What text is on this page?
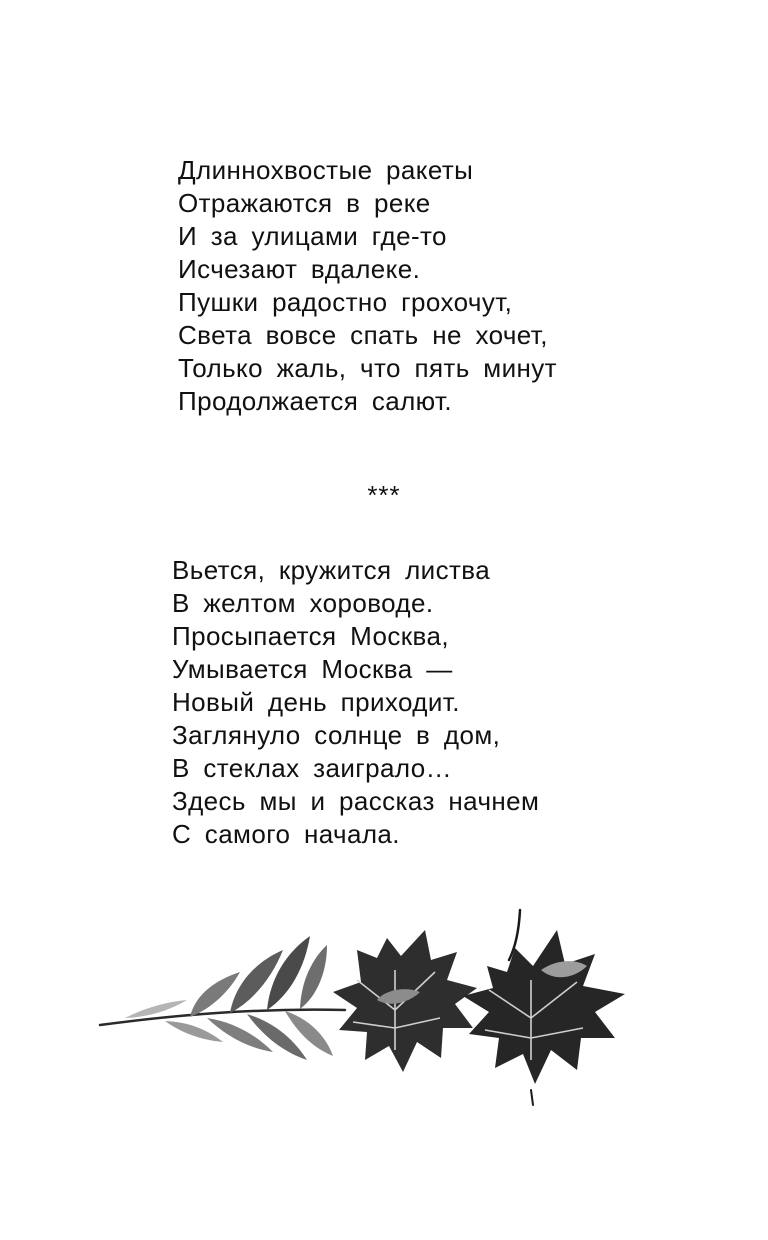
Длиннохвостые ракеты
Отражаются в реке
И за улицами где-то
Исчезают вдалеке.
Пушки радостно грохочут,
Света вовсе спать не хочет,
Только жаль, что пять минут
Продолжается салют.
***
Вьется, кружится листва
В желтом хороводе.
Просыпается Москва,
Умывается Москва —
Новый день приходит.
Заглянуло солнце в дом,
В стеклах заиграло…
Здесь мы и рассказ начнем
С самого начала.
